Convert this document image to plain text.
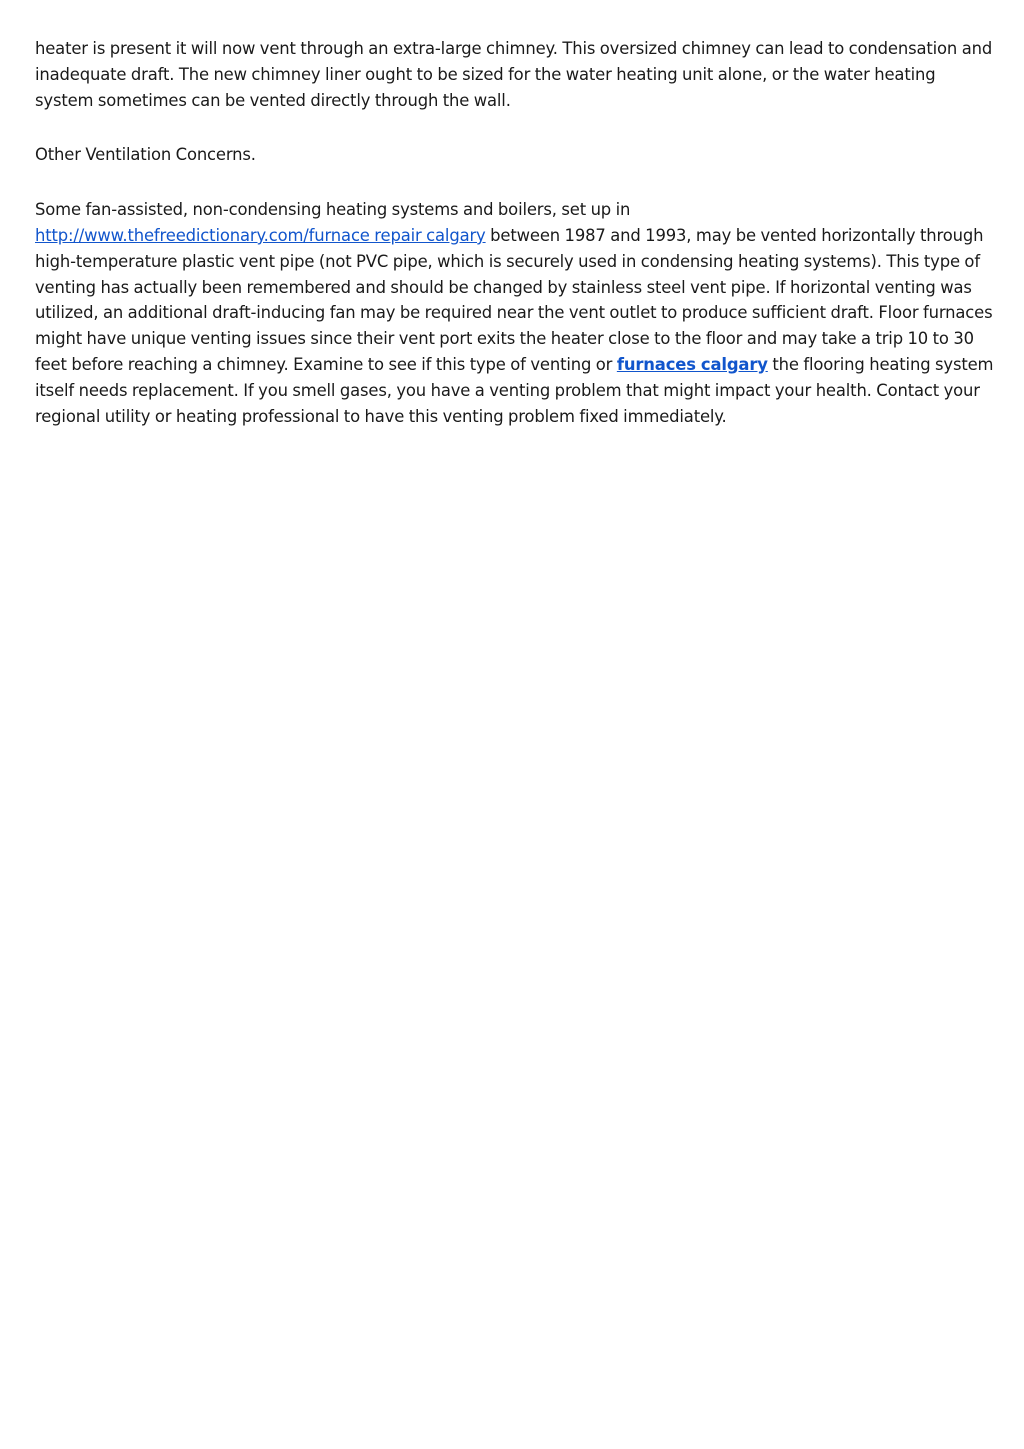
heater is present it will now vent through an extra-large chimney. This oversized chimney can lead to condensation and inadequate draft. The new chimney liner ought to be sized for the water heating unit alone, or the water heating system sometimes can be vented directly through the wall.

Other Ventilation Concerns.

Some fan-assisted, non-condensing heating systems and boilers, set up in
http://www.thefreedictionary.com/furnace repair calgary between 1987 and 1993, may be vented horizontally through high-temperature plastic vent pipe (not PVC pipe, which is securely used in condensing heating systems). This type of venting has actually been remembered and should be changed by stainless steel vent pipe. If horizontal venting was utilized, an additional draft-inducing fan may be required near the vent outlet to produce sufficient draft. Floor furnaces might have unique venting issues since their vent port exits the heater close to the floor and may take a trip 10 to 30 feet before reaching a chimney. Examine to see if this type of venting or furnaces calgary the flooring heating system itself needs replacement. If you smell gases, you have a venting problem that might impact your health. Contact your regional utility or heating professional to have this venting problem fixed immediately.
